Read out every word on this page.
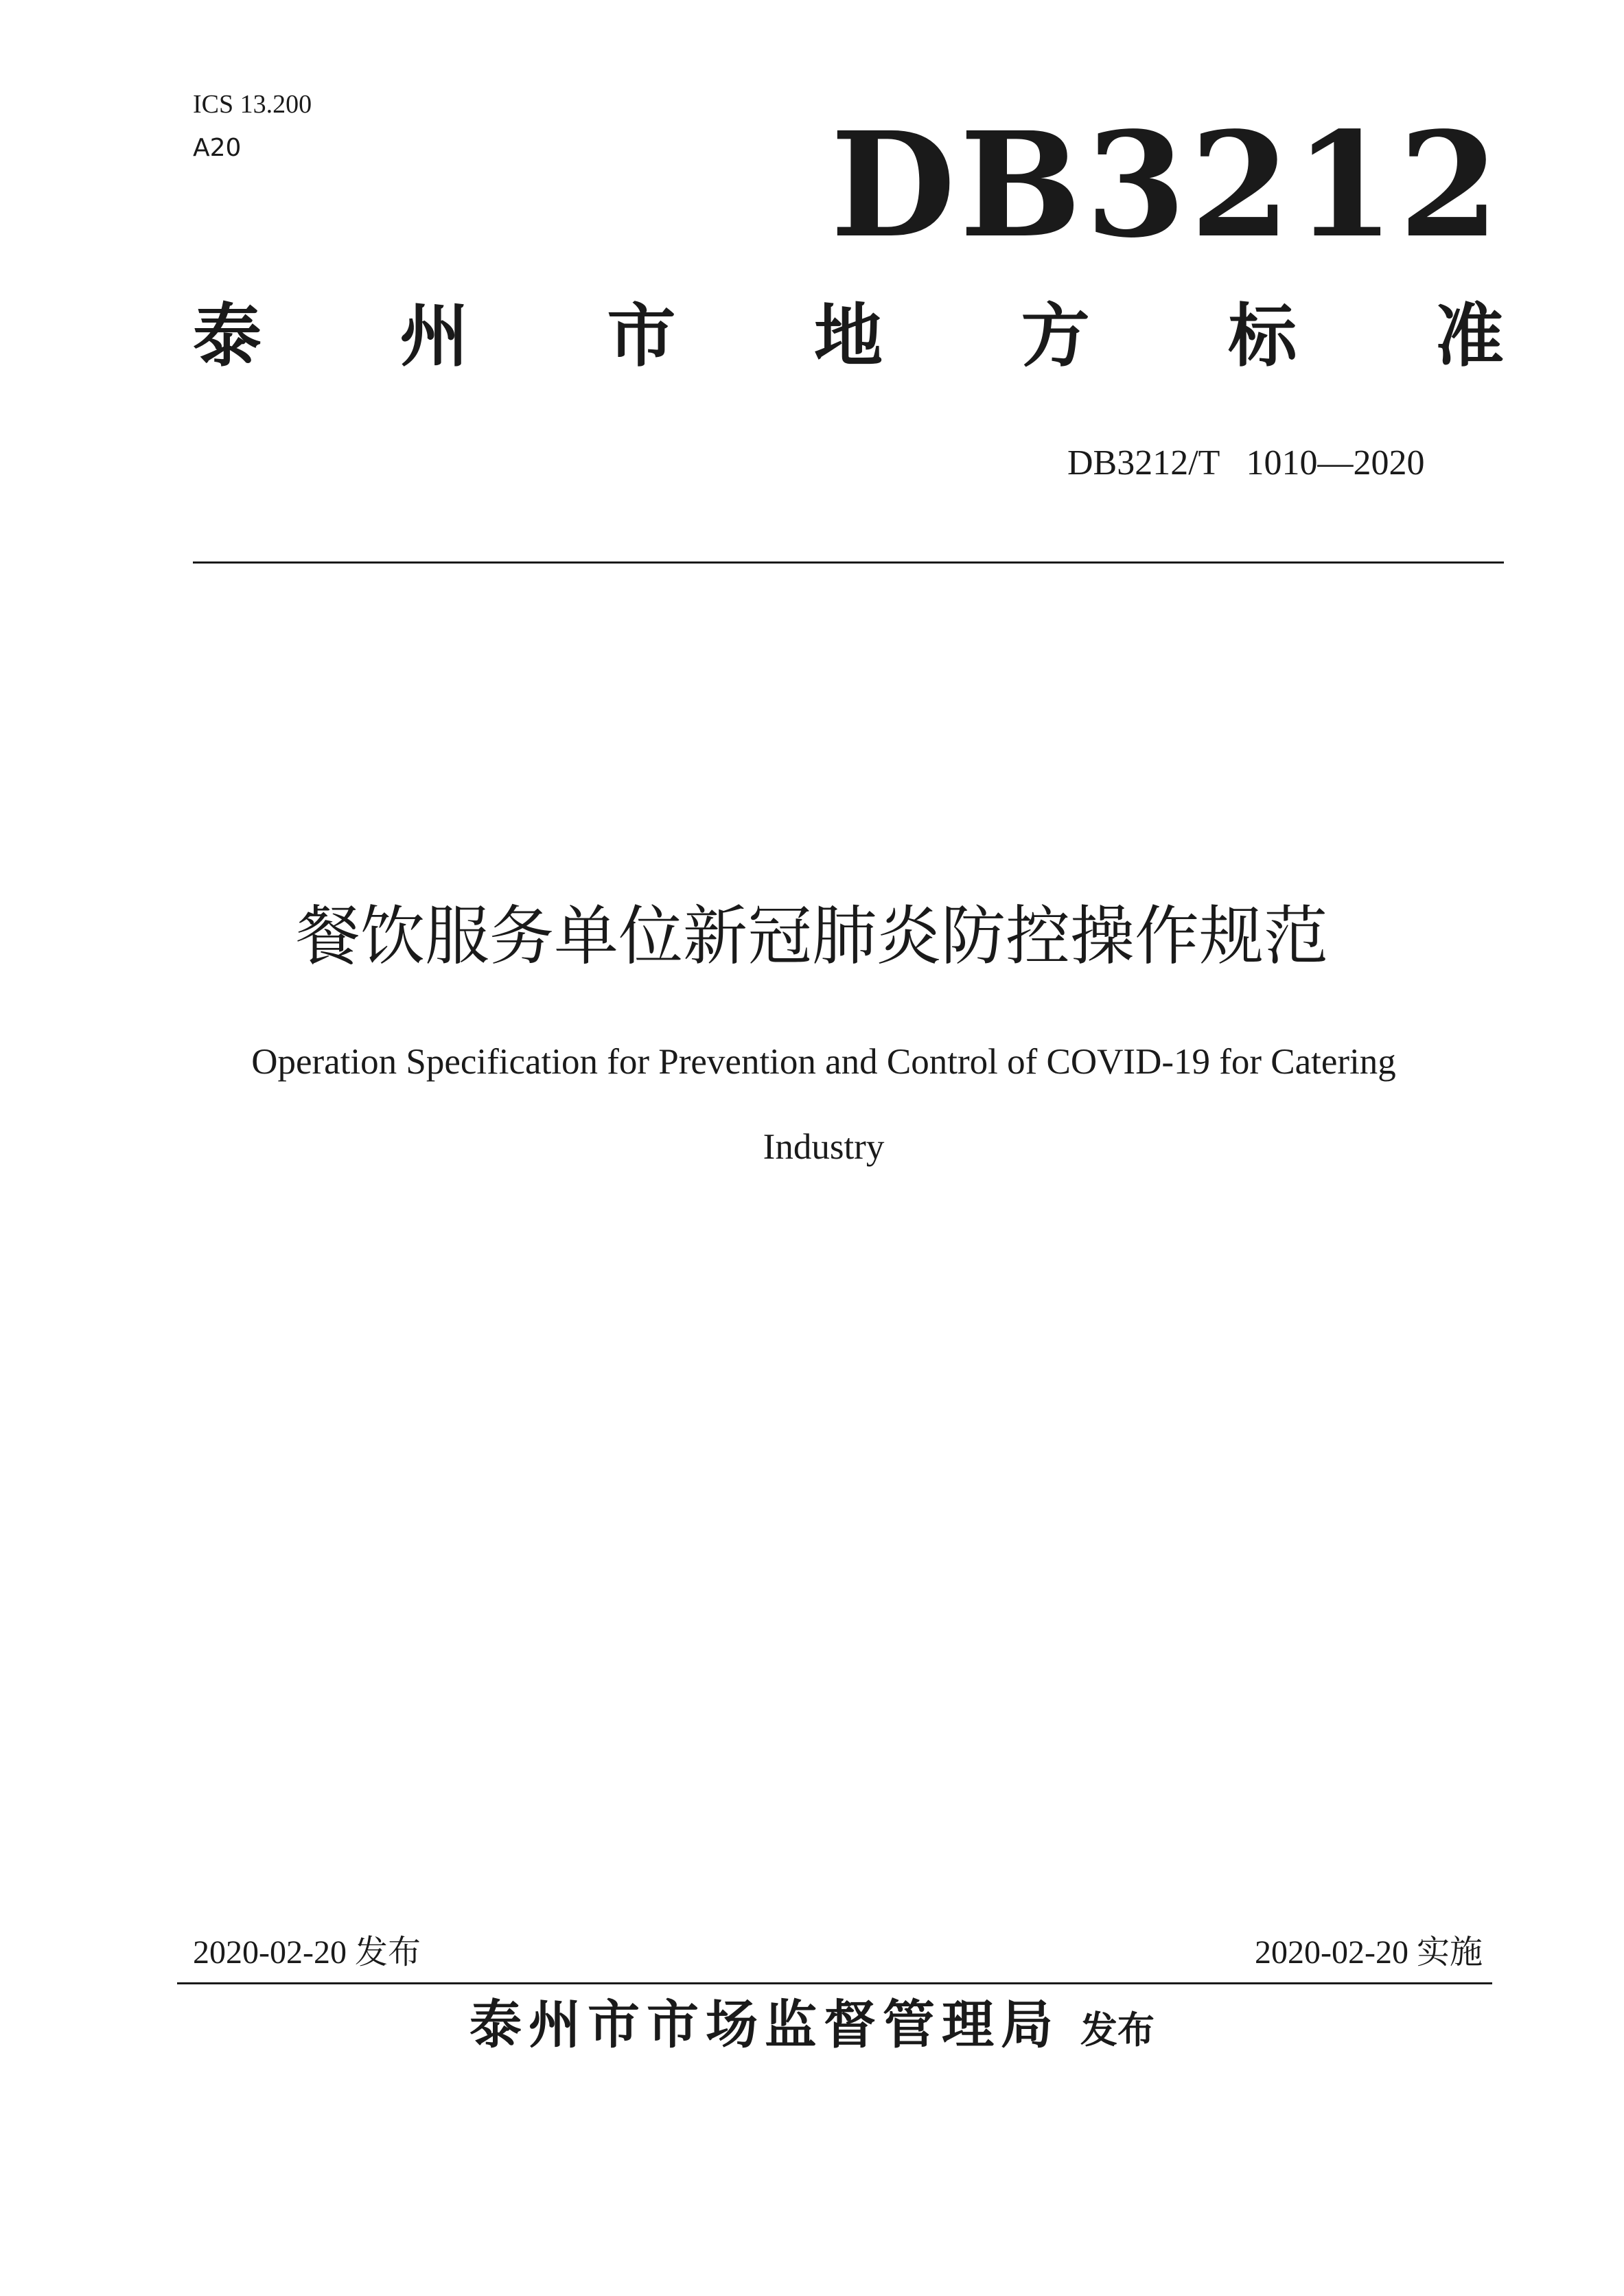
ICS 13.200
A20	DB3212
泰 州 市 地 方 标 准
DB3212/T   1010—2020
餐饮服务单位新冠肺炎防控操作规范
Operation Specification for Prevention and Control of COVID-19 for Catering Industry
2020-02-20 发布	2020-02-20 实施
泰州市市场监督管理局 发布
